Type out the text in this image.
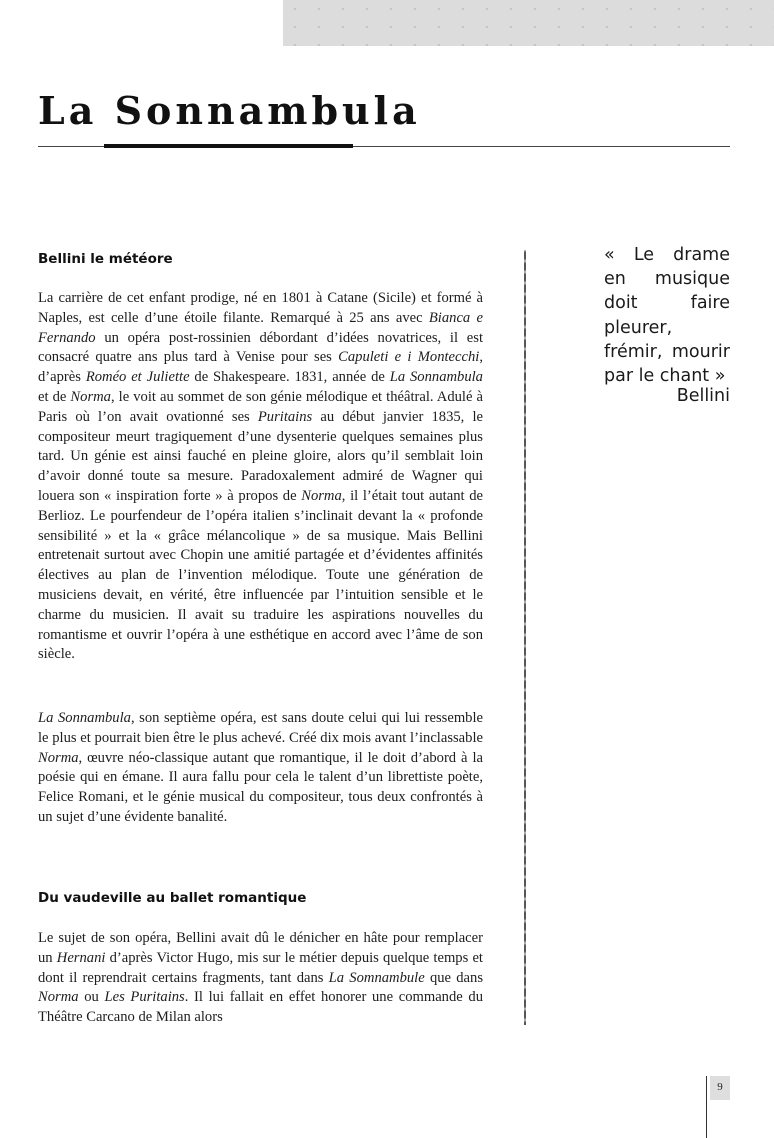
La Sonnambula
Bellini le météore

La carrière de cet enfant prodige, né en 1801 à Catane (Sicile) et formé à Naples, est celle d’une étoile filante. Remarqué à 25 ans avec Bianca e Fernando un opéra post-rossinien débordant d’idées novatrices, il est consacré quatre ans plus tard à Venise pour ses Capuleti e i Montecchi, d’après Roméo et Juliette de Shakespeare. 1831, année de La Sonnambula et de Norma, le voit au sommet de son génie mélodique et théâtral. Adulé à Paris où l’on avait ovationné ses Puritains au début janvier 1835, le compositeur meurt tragiquement d’une dysenterie quelques semaines plus tard. Un génie est ainsi fauché en pleine gloire, alors qu’il semblait loin d’avoir donné toute sa mesure. Paradoxalement admiré de Wagner qui louera son « inspiration forte » à propos de Norma, il l’était tout autant de Berlioz. Le pourfendeur de l’opéra italien s’inclinait devant la « profonde sensibilité » et la « grâce mélancolique » de sa musique. Mais Bellini entretenait surtout avec Chopin une amitié partagée et d’évidentes affinités électives au plan de l’invention mélodique. Toute une génération de musiciens devait, en vérité, être influencée par l’intuition sensible et le charme du musicien. Il avait su traduire les aspirations nouvelles du romantisme et ouvrir l’opéra à une esthétique en accord avec l’âme de son siècle.

La Sonnambula, son septième opéra, est sans doute celui qui lui ressemble le plus et pourrait bien être le plus achevé. Créé dix mois avant l’inclassable Norma, œuvre néo-classique autant que romantique, il le doit d’abord à la poésie qui en émane. Il aura fallu pour cela le talent d’un librettiste poète, Felice Romani, et le génie musical du compositeur, tous deux confrontés à un sujet d’une évidente banalité.

Du vaudeville au ballet romantique

Le sujet de son opéra, Bellini avait dû le dénicher en hâte pour remplacer un Hernani d’après Victor Hugo, mis sur le métier depuis quelque temps et dont il reprendrait certains fragments, tant dans La Somnambule que dans Norma ou Les Puritains. Il lui fallait en effet honorer une commande du Théâtre Carcano de Milan alors

« Le drame en musique doit faire pleurer, frémir, mourir par le chant »

Bellini

9
